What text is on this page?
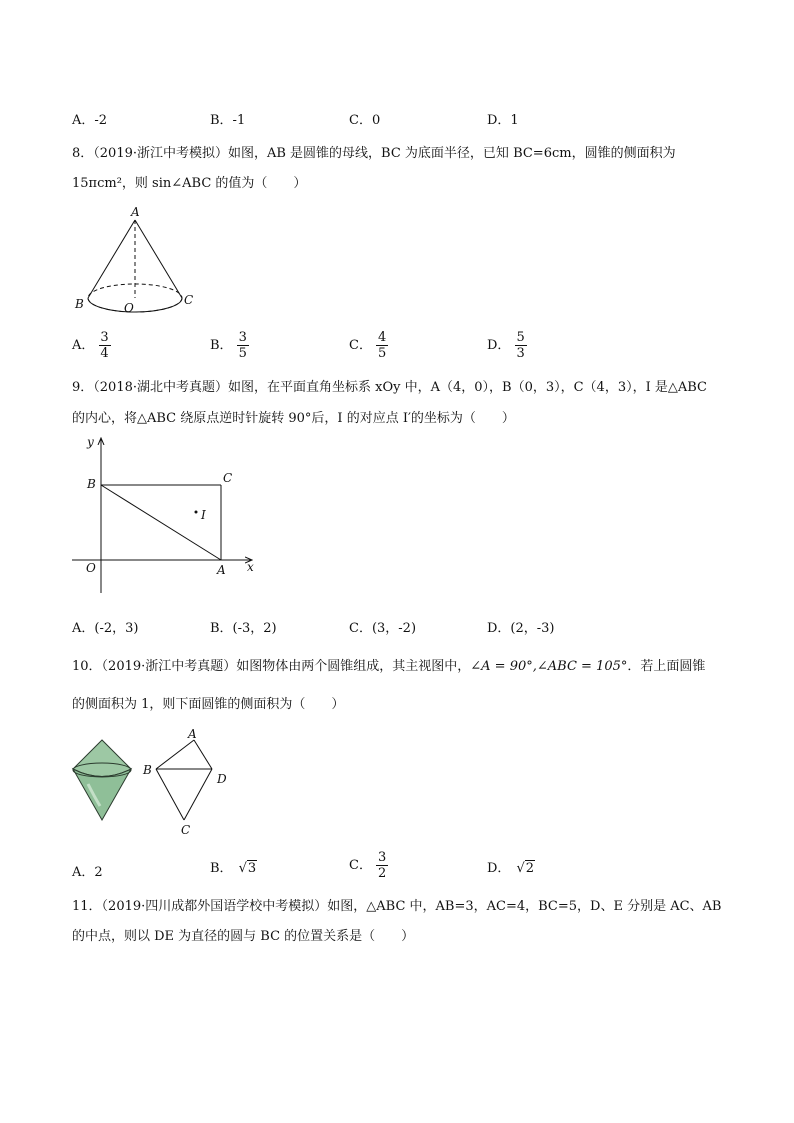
A．-2	B．-1	C．0	D．1
8．（2019·浙江中考模拟）如图，AB 是圆锥的母线，BC 为底面半径，已知 BC=6cm，圆锥的侧面积为
15πcm²，则 sin∠ABC 的值为（　　）
A
B	C
O
A． $\frac{3}{4}$	B． $\frac{3}{5}$	C． $\frac{4}{5}$	D． $\frac{5}{3}$
9．（2018·湖北中考真题）如图，在平面直角坐标系 xOy 中，A（4，0），B（0，3），C（4，3），I 是△ABC
的内心，将△ABC 绕原点逆时针旋转 90°后，I 的对应点 I′的坐标为（　　）
y
x
B	C
I
O	A
A．(-2，3)	B．(-3，2)	C．(3，-2)	D．(2，-3)
10．（2019·浙江中考真题）如图物体由两个圆锥组成，其主视图中，∠A = 90°,∠ABC = 105°．若上面圆锥
的侧面积为 1，则下面圆锥的侧面积为（　　）
A
B
D
C
A．2	B． √3	C． $\frac{3}{2}$	D． √2
11．（2019·四川成都外国语学校中考模拟）如图，△ABC 中，AB=3，AC=4，BC=5，D、E 分别是 AC、AB
的中点，则以 DE 为直径的圆与 BC 的位置关系是（　　）
